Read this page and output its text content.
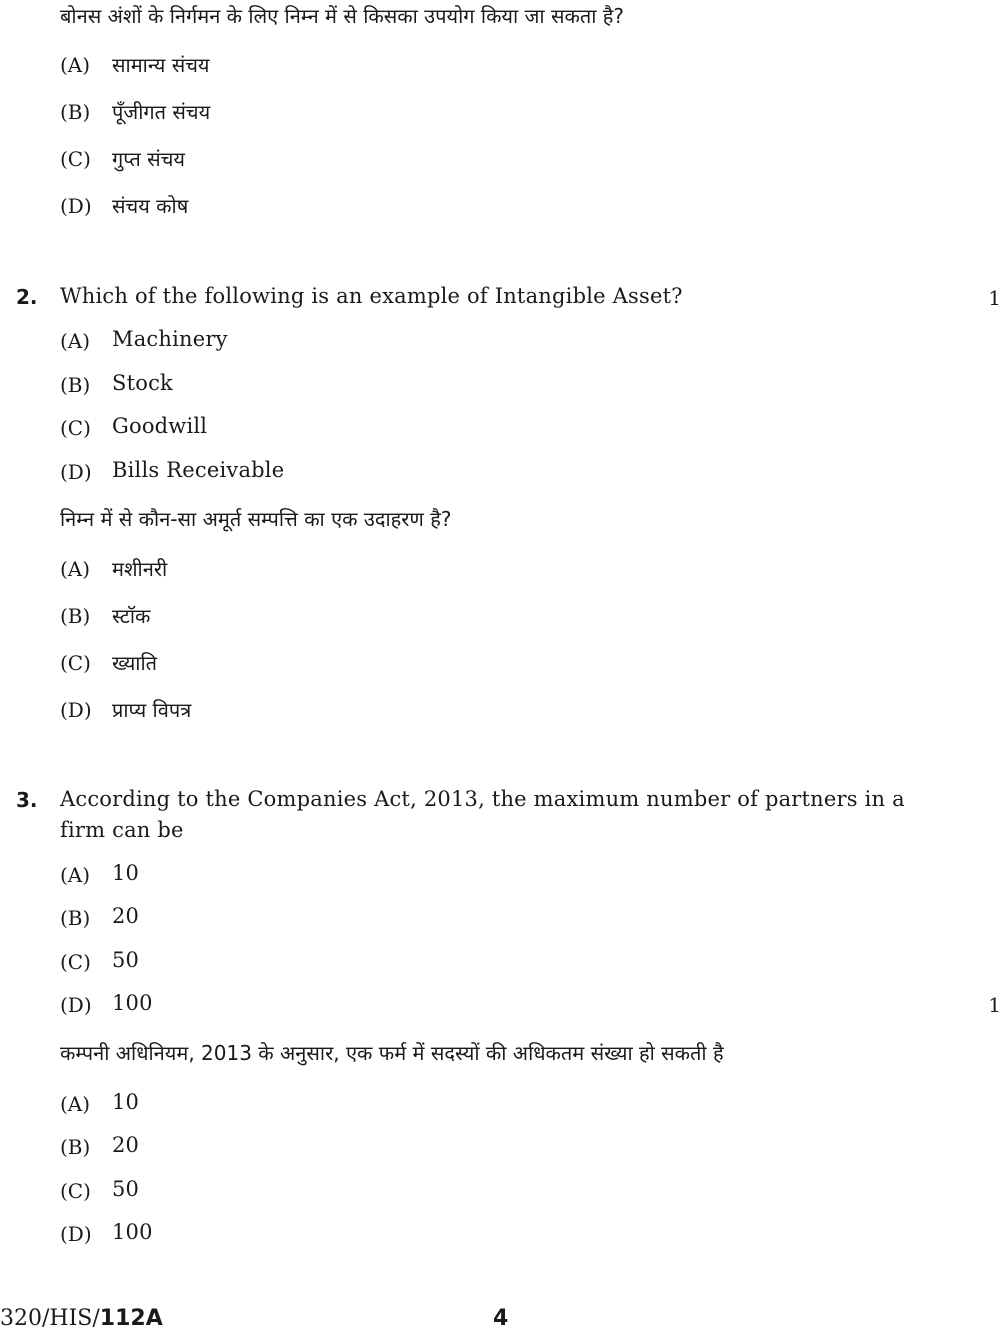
बोनस अंशों के निर्गमन के लिए निम्न में से किसका उपयोग किया जा सकता है?
(A) सामान्य संचय
(B) पूँजीगत संचय
(C) गुप्त संचय
(D) संचय कोष
2. Which of the following is an example of Intangible Asset?	1
(A) Machinery
(B) Stock
(C) Goodwill
(D) Bills Receivable
निम्न में से कौन-सा अमूर्त सम्पत्ति का एक उदाहरण है?
(A) मशीनरी
(B) स्टॉक
(C) ख्याति
(D) प्राप्य विपत्र
3. According to the Companies Act, 2013, the maximum number of partners in a
firm can be
(A) 10
(B) 20
(C) 50
(D) 100	1
कम्पनी अधिनियम, 2013 के अनुसार, एक फर्म में सदस्यों की अधिकतम संख्या हो सकती है
(A) 10
(B) 20
(C) 50
(D) 100
320/HIS/112A	4
